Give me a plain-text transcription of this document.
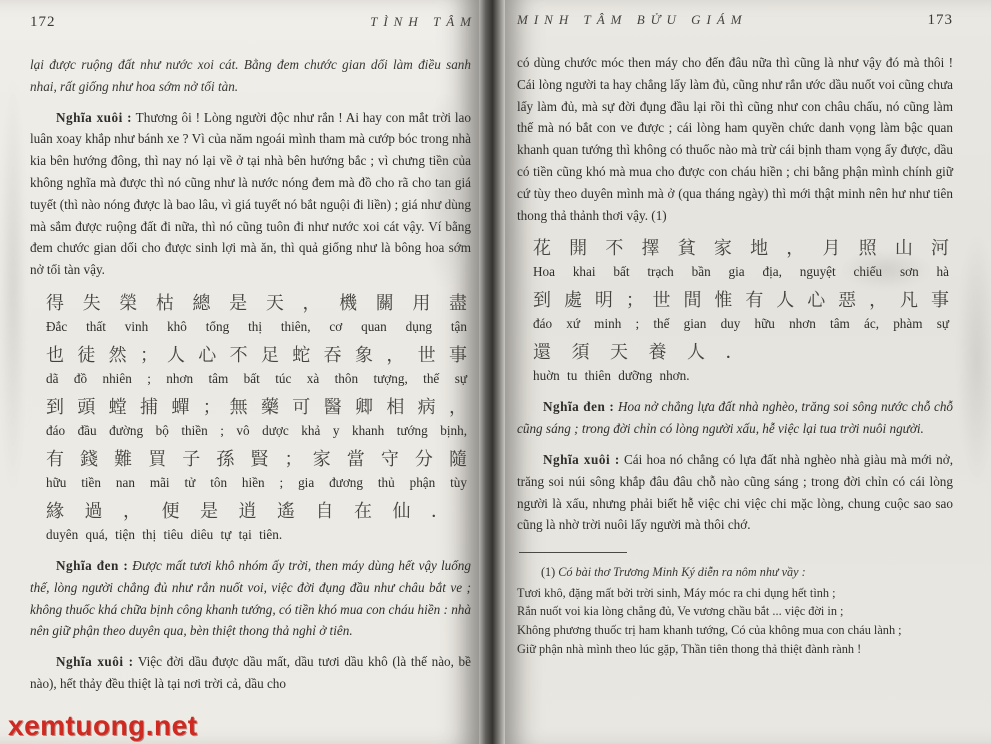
172	TÌNH TÂM

lại được ruộng đất như nước xoi cát. Bằng đem chước gian dối làm điều sanh nhai, rất giống như hoa sớm nở tối tàn.

Nghĩa xuôi : Thương ôi ! Lòng người độc như rắn ! Ai hay con mắt trời lao luân xoay khắp như bánh xe ? Vì của năm ngoái mình tham mà cướp bóc trong nhà kia bên hướng đông, thì nay nó lại về ở tại nhà bên hướng bắc ; vì chưng tiền của không nghĩa mà được thì nó cũng như là nước nóng đem mà đồ cho rã cho tan giá tuyết (thì nào nóng được là bao lâu, vì giá tuyết nó bắt nguội đi liền) ; giá như dùng mà sắm được ruộng đất đi nữa, thì nó cũng tuôn đi như nước xoi cát vậy. Ví bằng đem chước gian dối cho được sinh lợi mà ăn, thì quả giống như là bông hoa sớm nở tối tàn vậy.

得 失 榮 枯 總 是 天 ， 機 關 用 盡
Đắc thất vinh khô tổng thị thiên, cơ quan dụng tận
也 徒 然 ； 人 心 不 足 蛇 吞 象 ， 世 事
dã đồ nhiên ; nhơn tâm bất túc xà thôn tượng, thế sự
到 頭 螳 捕 蟬 ； 無 藥 可 醫 卿 相 病 ，
đáo đầu đường bộ thiền ; vô dược khả y khanh tướng bịnh,
有 錢 難 買 子 孫 賢 ； 家 當 守 分 隨
hữu tiền nan mãi tử tôn hiền ; gia đương thủ phận tùy
緣 過 ， 便 是 逍 遙 自 在 仙 ．
duyên quá, tiện thị tiêu diêu tự tại tiên.

Nghĩa đen : Được mất tươi khô nhóm ấy trời, then máy dùng hết vậy luống thế, lòng người chẳng đủ như rắn nuốt voi, việc đời đụng đầu như châu bắt ve ; không thuốc khá chữa bịnh công khanh tướng, có tiền khó mua con cháu hiền : nhà nên giữ phận theo duyên qua, bèn thiệt thong thả nghỉ ở tiên.

Nghĩa xuôi : Việc đời dầu được dầu mất, dầu tươi dầu khô (là thế nào, bề nào), hết thảy đều thiệt là tại nơi trời cả, dầu cho

xemtuong.net
MINH TÂM BỬU GIÁM	173

có dùng chước móc then máy cho đến đâu nữa thì cũng là như vậy đó mà thôi ! Cái lòng người ta hay chẳng lấy làm đủ, cũng như rắn ước dầu nuốt voi cũng chưa lấy làm đủ, mà sự đời đụng đầu lại rồi thì cũng như con châu chấu, nó cũng làm thế mà nó bắt con ve được ; cái lòng ham quyền chức danh vọng làm bậc quan khanh quan tướng thì không có thuốc nào mà trừ cái bịnh tham vọng ấy được, dầu có tiền cũng khó mà mua cho được con cháu hiền ; chi bằng phận mình chính giữ cứ tùy theo duyên mình mà ở (qua tháng ngày) thì mới thật minh nên hư như tiên thong thả thảnh thơi vậy. (1)

花 開 不 擇 貧 家 地 ， 月 照 山 河
Hoa khai bất trạch bần gia địa, nguyệt chiếu sơn hà
到 處 明 ； 世 間 惟 有 人 心 惡 ， 凡 事
đáo xứ minh ; thế gian duy hữu nhơn tâm ác, phàm sự
還 須 天 養 人 ．
huờn tu thiên dưỡng nhơn.

Nghĩa đen : Hoa nở chẳng lựa đất nhà nghèo, trăng soi sông nước chỗ chỗ cũng sáng ; trong đời chỉn có lòng người xấu, hễ việc lại tua trời nuôi người.

Nghĩa xuôi : Cái hoa nó chẳng có lựa đất nhà nghèo nhà giàu mà mới nở, trăng soi núi sông khắp đâu đâu chỗ nào cũng sáng ; trong đời chỉn có cái lòng người là xấu, nhưng phải biết hễ việc chi việc chi mặc lòng, chung cuộc sao sao cũng là nhờ trời nuôi lấy người mà thôi chớ.

(1) Có bài thơ Trương Minh Ký diễn ra nôm như vầy :

Tươi khô, đặng mất bởi trời sinh, Máy móc ra chi dụng hết tình ;

Rắn nuốt voi kia lòng chẳng đủ, Ve vương chầu bắt ... việc đời in ;

Không phương thuốc trị ham khanh tướng, Có của không mua con cháu lành ;

Giữ phận nhà mình theo lúc gặp, Thần tiên thong thả thiệt đành rành !
